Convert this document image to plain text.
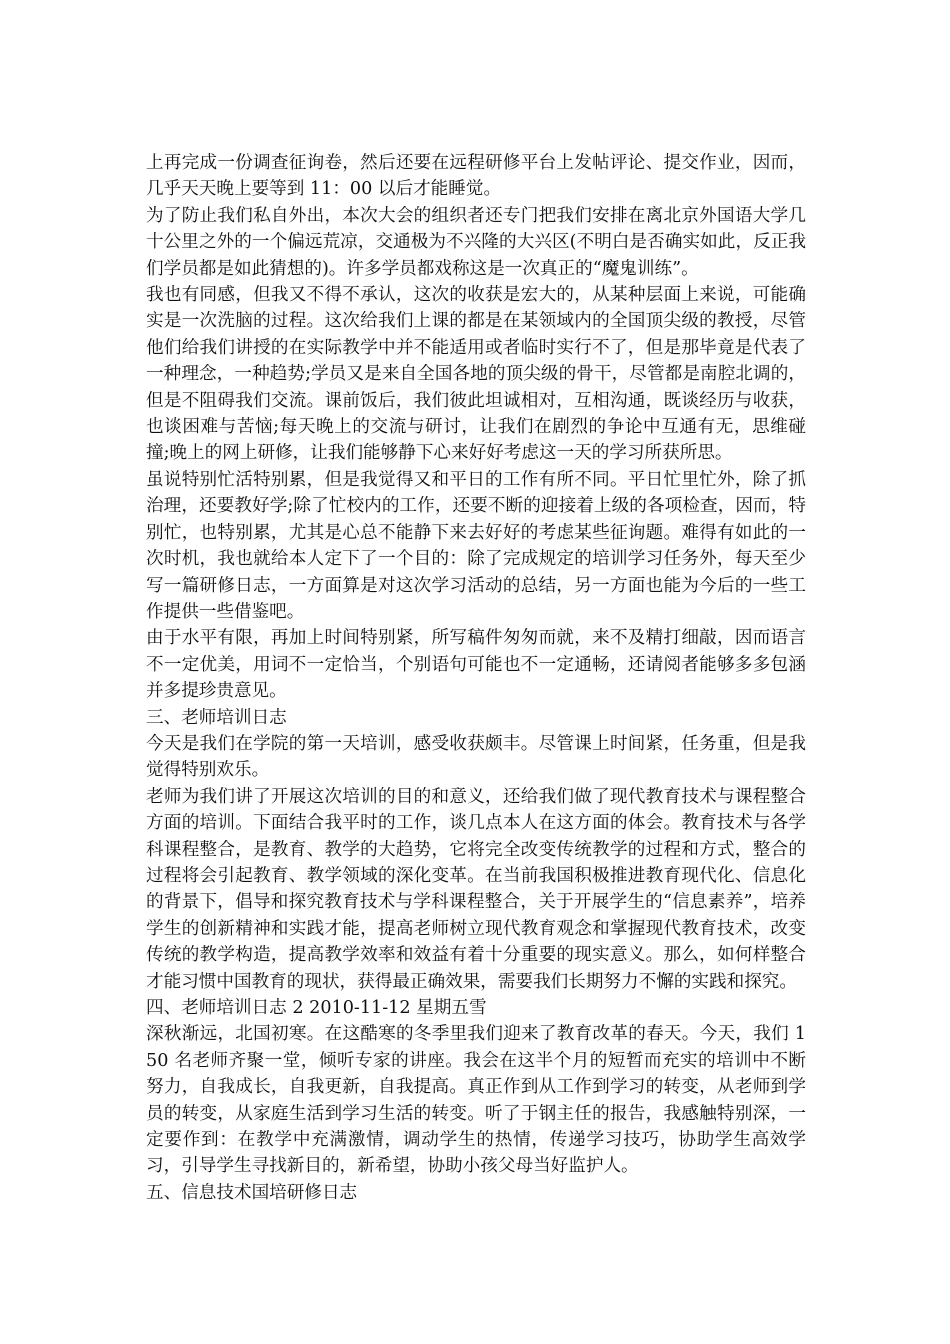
上再完成一份调查征询卷，然后还要在远程研修平台上发帖评论、提交作业，因而，几乎天天晚上要等到 11：00 以后才能睡觉。

为了防止我们私自外出，本次大会的组织者还专门把我们安排在离北京外国语大学几十公里之外的一个偏远荒凉，交通极为不兴隆的大兴区(不明白是否确实如此，反正我们学员都是如此猜想的)。许多学员都戏称这是一次真正的“魔鬼训练”。

我也有同感，但我又不得不承认，这次的收获是宏大的，从某种层面上来说，可能确实是一次洗脑的过程。这次给我们上课的都是在某领域内的全国顶尖级的教授，尽管他们给我们讲授的在实际教学中并不能适用或者临时实行不了，但是那毕竟是代表了一种理念，一种趋势;学员又是来自全国各地的顶尖级的骨干，尽管都是南腔北调的，但是不阻碍我们交流。课前饭后，我们彼此坦诚相对，互相沟通，既谈经历与收获，也谈困难与苦恼;每天晚上的交流与研讨，让我们在剧烈的争论中互通有无，思维碰撞;晚上的网上研修，让我们能够静下心来好好考虑这一天的学习所获所思。

虽说特别忙活特别累，但是我觉得又和平日的工作有所不同。平日忙里忙外，除了抓治理，还要教好学;除了忙校内的工作，还要不断的迎接着上级的各项检查，因而，特别忙，也特别累，尤其是心总不能静下来去好好的考虑某些征询题。难得有如此的一次时机，我也就给本人定下了一个目的：除了完成规定的培训学习任务外，每天至少写一篇研修日志，一方面算是对这次学习活动的总结，另一方面也能为今后的一些工作提供一些借鉴吧。

由于水平有限，再加上时间特别紧，所写稿件匆匆而就，来不及精打细敲，因而语言不一定优美，用词不一定恰当，个别语句可能也不一定通畅，还请阅者能够多多包涵并多提珍贵意见。

三、老师培训日志

今天是我们在学院的第一天培训，感受收获颇丰。尽管课上时间紧，任务重，但是我觉得特别欢乐。

老师为我们讲了开展这次培训的目的和意义，还给我们做了现代教育技术与课程整合方面的培训。下面结合我平时的工作，谈几点本人在这方面的体会。教育技术与各学科课程整合，是教育、教学的大趋势，它将完全改变传统教学的过程和方式，整合的过程将会引起教育、教学领域的深化变革。在当前我国积极推进教育现代化、信息化的背景下，倡导和探究教育技术与学科课程整合，关于开展学生的“信息素养”，培养学生的创新精神和实践才能，提高老师树立现代教育观念和掌握现代教育技术，改变传统的教学构造，提高教学效率和效益有着十分重要的现实意义。那么，如何样整合才能习惯中国教育的现状，获得最正确效果，需要我们长期努力不懈的实践和探究。

四、老师培训日志 2 2010-11-12 星期五雪

深秋渐远，北国初寒。在这酷寒的冬季里我们迎来了教育改革的春天。今天，我们 150 名老师齐聚一堂，倾听专家的讲座。我会在这半个月的短暂而充实的培训中不断努力，自我成长，自我更新，自我提高。真正作到从工作到学习的转变，从老师到学员的转变，从家庭生活到学习生活的转变。听了于钢主任的报告，我感触特别深，一定要作到：在教学中充满激情，调动学生的热情，传递学习技巧，协助学生高效学习，引导学生寻找新目的，新希望，协助小孩父母当好监护人。

五、信息技术国培研修日志
